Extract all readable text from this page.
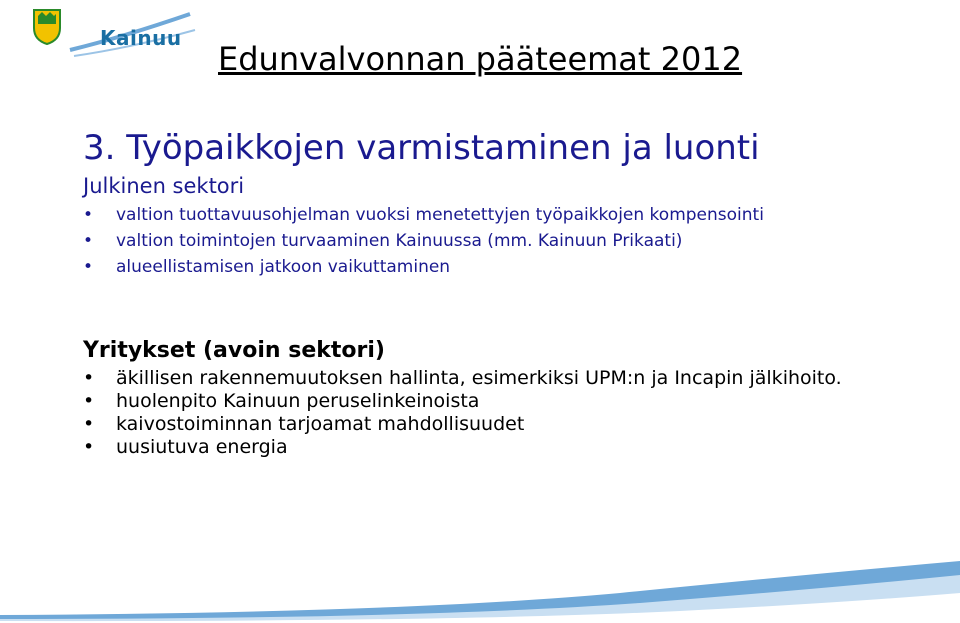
Kainuu
Edunvalvonnan pääteemat 2012
3. Työpaikkojen varmistaminen ja luonti
Julkinen sektori
• valtion tuottavuusohjelman vuoksi menetettyjen työpaikkojen kompensointi
• valtion toimintojen turvaaminen Kainuussa (mm. Kainuun Prikaati)
• alueellistamisen jatkoon vaikuttaminen
Yritykset (avoin sektori)
• äkillisen rakennemuutoksen hallinta, esimerkiksi UPM:n ja Incapin jälkihoito.
• huolenpito Kainuun peruselinkeinoista
• kaivostoiminnan tarjoamat mahdollisuudet
• uusiutuva energia
